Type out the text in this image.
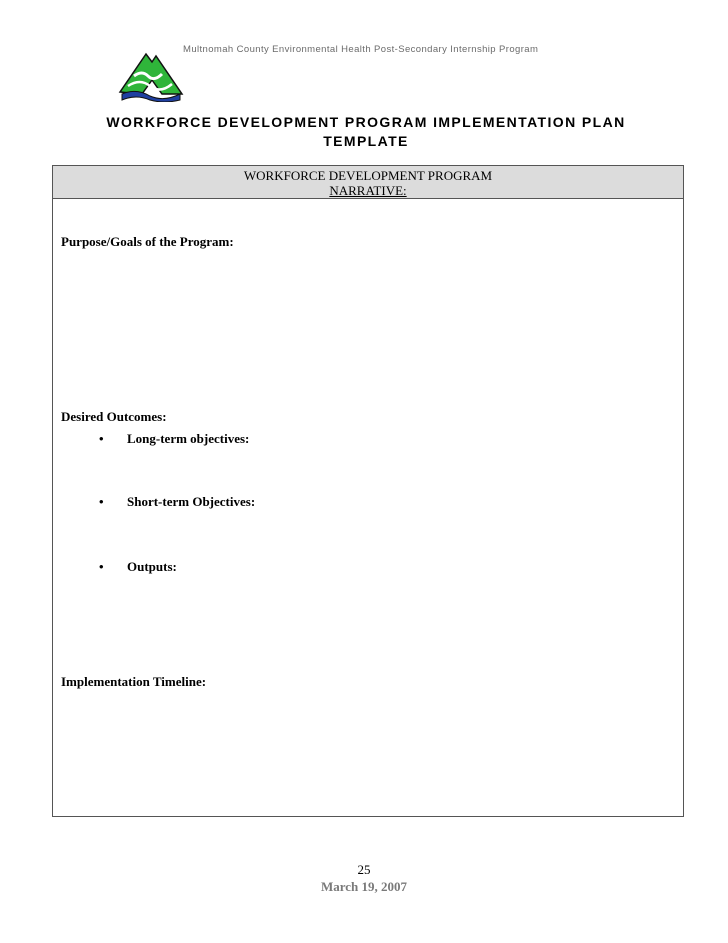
Multnomah County Environmental Health Post-Secondary Internship Program
WORKFORCE DEVELOPMENT PROGRAM IMPLEMENTATION PLAN
TEMPLATE
WORKFORCE DEVELOPMENT PROGRAM
NARRATIVE:
Purpose/Goals of the Program:
Desired Outcomes:
• Long-term objectives:
• Short-term Objectives:
• Outputs:
Implementation Timeline:
25
March 19, 2007
